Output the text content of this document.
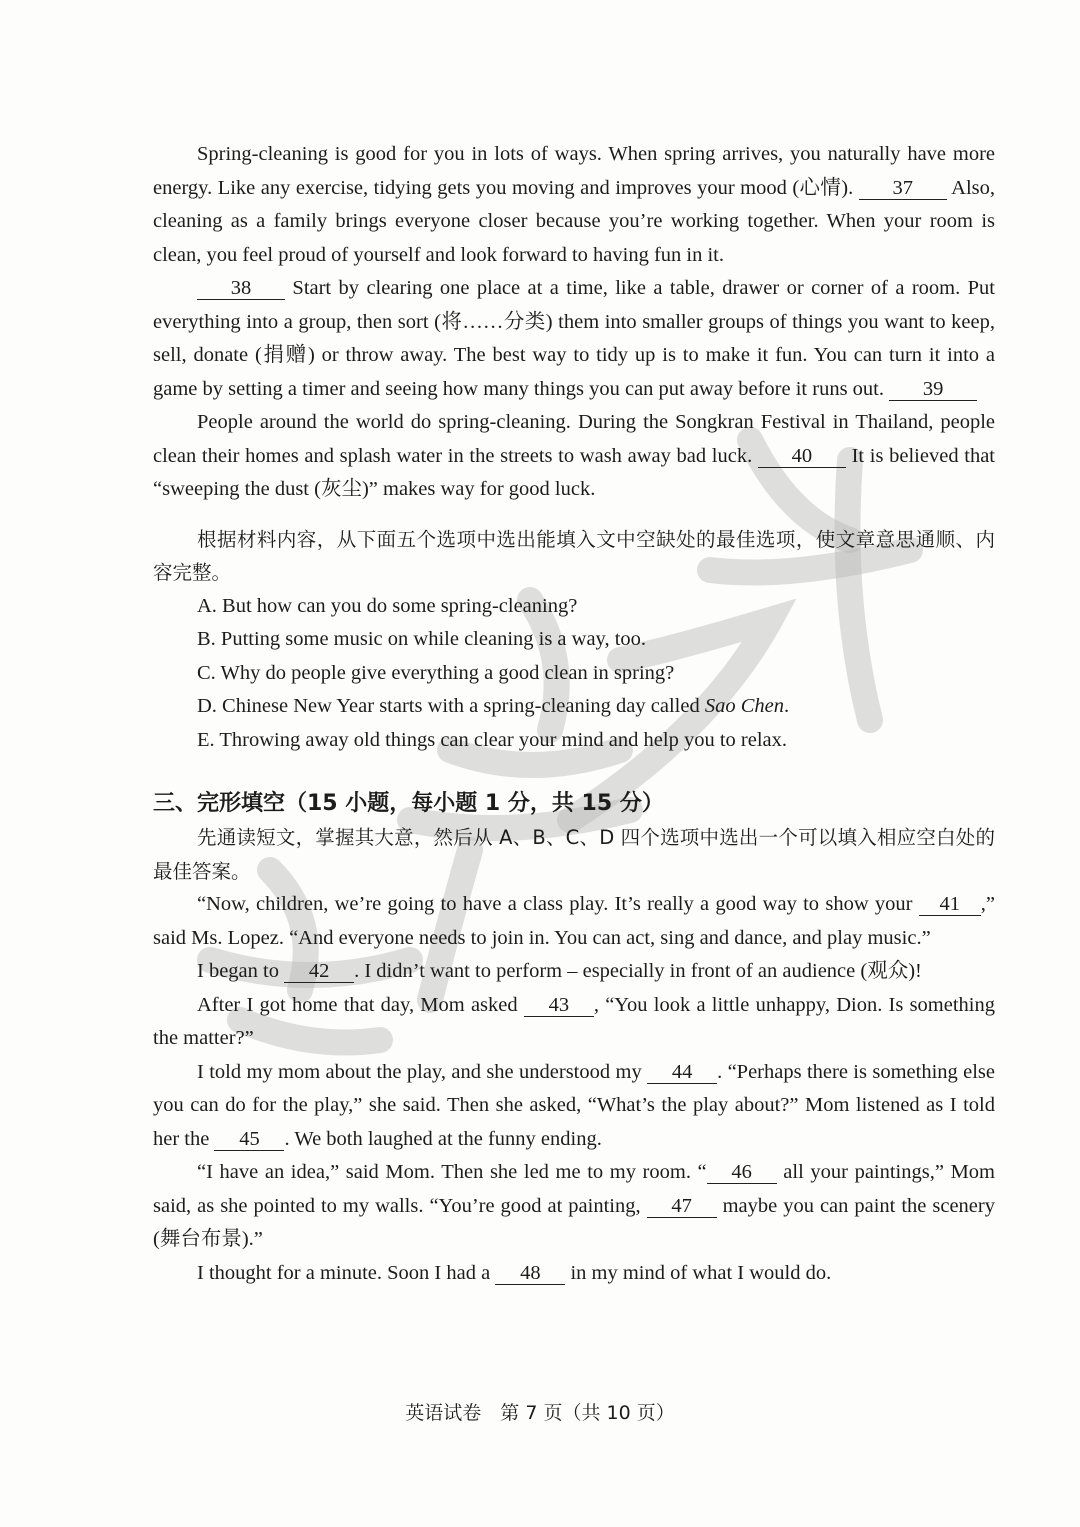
Spring-cleaning is good for you in lots of ways. When spring arrives, you naturally have more energy. Like any exercise, tidying gets you moving and improves your mood (心情). 37 Also, cleaning as a family brings everyone closer because you’re working together. When your room is clean, you feel proud of yourself and look forward to having fun in it.

38 Start by clearing one place at a time, like a table, drawer or corner of a room. Put everything into a group, then sort (将……分类) them into smaller groups of things you want to keep, sell, donate (捐赠) or throw away. The best way to tidy up is to make it fun. You can turn it into a game by setting a timer and seeing how many things you can put away before it runs out. 39

People around the world do spring-cleaning. During the Songkran Festival in Thailand, people clean their homes and splash water in the streets to wash away bad luck. 40 It is believed that “sweeping the dust (灰尘)” makes way for good luck.

根据材料内容，从下面五个选项中选出能填入文中空缺处的最佳选项，使文章意思通顺、内容完整。

A. But how can you do some spring-cleaning?

B. Putting some music on while cleaning is a way, too.

C. Why do people give everything a good clean in spring?

D. Chinese New Year starts with a spring-cleaning day called Sao Chen.

E. Throwing away old things can clear your mind and help you to relax.

三、完形填空（15 小题，每小题 1 分，共 15 分）

先通读短文，掌握其大意，然后从 A、B、C、D 四个选项中选出一个可以填入相应空白处的最佳答案。

“Now, children, we’re going to have a class play. It’s really a good way to show your 41 ,” said Ms. Lopez. “And everyone needs to join in. You can act, sing and dance, and play music.”

I began to 42 . I didn’t want to perform – especially in front of an audience (观众)!

After I got home that day, Mom asked 43 , “You look a little unhappy, Dion. Is something the matter?”

I told my mom about the play, and she understood my 44 . “Perhaps there is something else you can do for the play,” she said. Then she asked, “What’s the play about?” Mom listened as I told her the 45 . We both laughed at the funny ending.

“I have an idea,” said Mom. Then she led me to my room. “ 46 all your paintings,” Mom said, as she pointed to my walls. “You’re good at painting, 47 maybe you can paint the scenery (舞台布景).”

I thought for a minute. Soon I had a 48 in my mind of what I would do.

英语试卷　第 7 页（共 10 页）
